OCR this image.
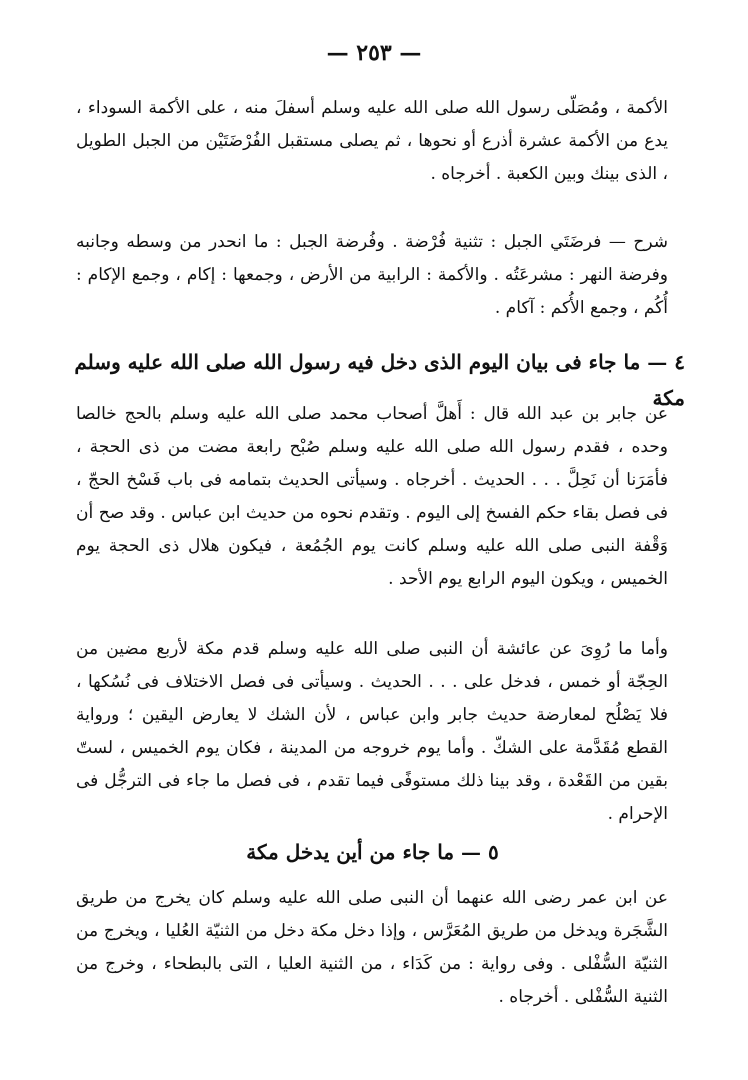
— ٢٥٣ —

الأكمة ، ومُصَلّى رسول الله صلى الله عليه وسلم أسفلَ منه ، على الأكمة السوداء ، يدع من الأكمة عشرة أذرع أو نحوها ، ثم يصلى مستقبل الفُرْضَتَيْن من الجبل الطويل ، الذى بينك وبين الكعبة . أخرجاه .

شرح — فرضَتَي الجبل : تثنية فُرْضة . وفُرضة الجبل : ما انحدر من وسطه وجانبه وفرضة النهر : مشرعَتُه . والأكمة : الرابية من الأرض ، وجمعها : إكام ، وجمع الإكام : أُكُم ، وجمع الأُكم : آكام .

٤ — ما جاء فى بيان اليوم الذى دخل فيه رسول الله صلى الله عليه وسلم مكة

عن جابر بن عبد الله قال : أَهلَّ أصحاب محمد صلى الله عليه وسلم بالحج خالصا وحده ، فقدم رسول الله صلى الله عليه وسلم صُبْح رابعة مضت من ذى الحجة ، فأمَرَنا أن نَحِلَّ . . . الحديث . أخرجاه . وسيأتى الحديث بتمامه فى باب فَسْخ الحجّ ، فى فصل بقاء حكم الفسخ إلى اليوم . وتقدم نحوه من حديث ابن عباس . وقد صح أن وَقْفة النبى صلى الله عليه وسلم كانت يوم الجُمُعة ، فيكون هلال ذى الحجة يوم الخميس ، ويكون اليوم الرابع يوم الأحد .

وأما ما رُوِىَ عن عائشة أن النبى صلى الله عليه وسلم قدم مكة لأربع مضين من الحِجّة أو خمس ، فدخل على . . . الحديث . وسيأتى فى فصل الاختلاف فى نُسُكها ، فلا يَصْلُح لمعارضة حديث جابر وابن عباس ، لأن الشك لا يعارض اليقين ؛ ورواية القطع مُقَدَّمة على الشكّ . وأما يوم خروجه من المدينة ، فكان يوم الخميس ، لستّ بقين من القَعْدة ، وقد بينا ذلك مستوفًى فيما تقدم ، فى فصل ما جاء فى الترجُّل فى الإحرام .

٥ — ما جاء من أين يدخل مكة

عن ابن عمر رضى الله عنهما أن النبى صلى الله عليه وسلم كان يخرج من طريق الشَّجَرة ويدخل من طريق المُعَرَّس ، وإذا دخل مكة دخل من الثنيّة العُليا ، ويخرج من الثنيّة السُّفْلى . وفى رواية : من كَدَاء ، من الثنية العليا ، التى بالبطحاء ، وخرج من الثنية السُّفْلى . أخرجاه .
